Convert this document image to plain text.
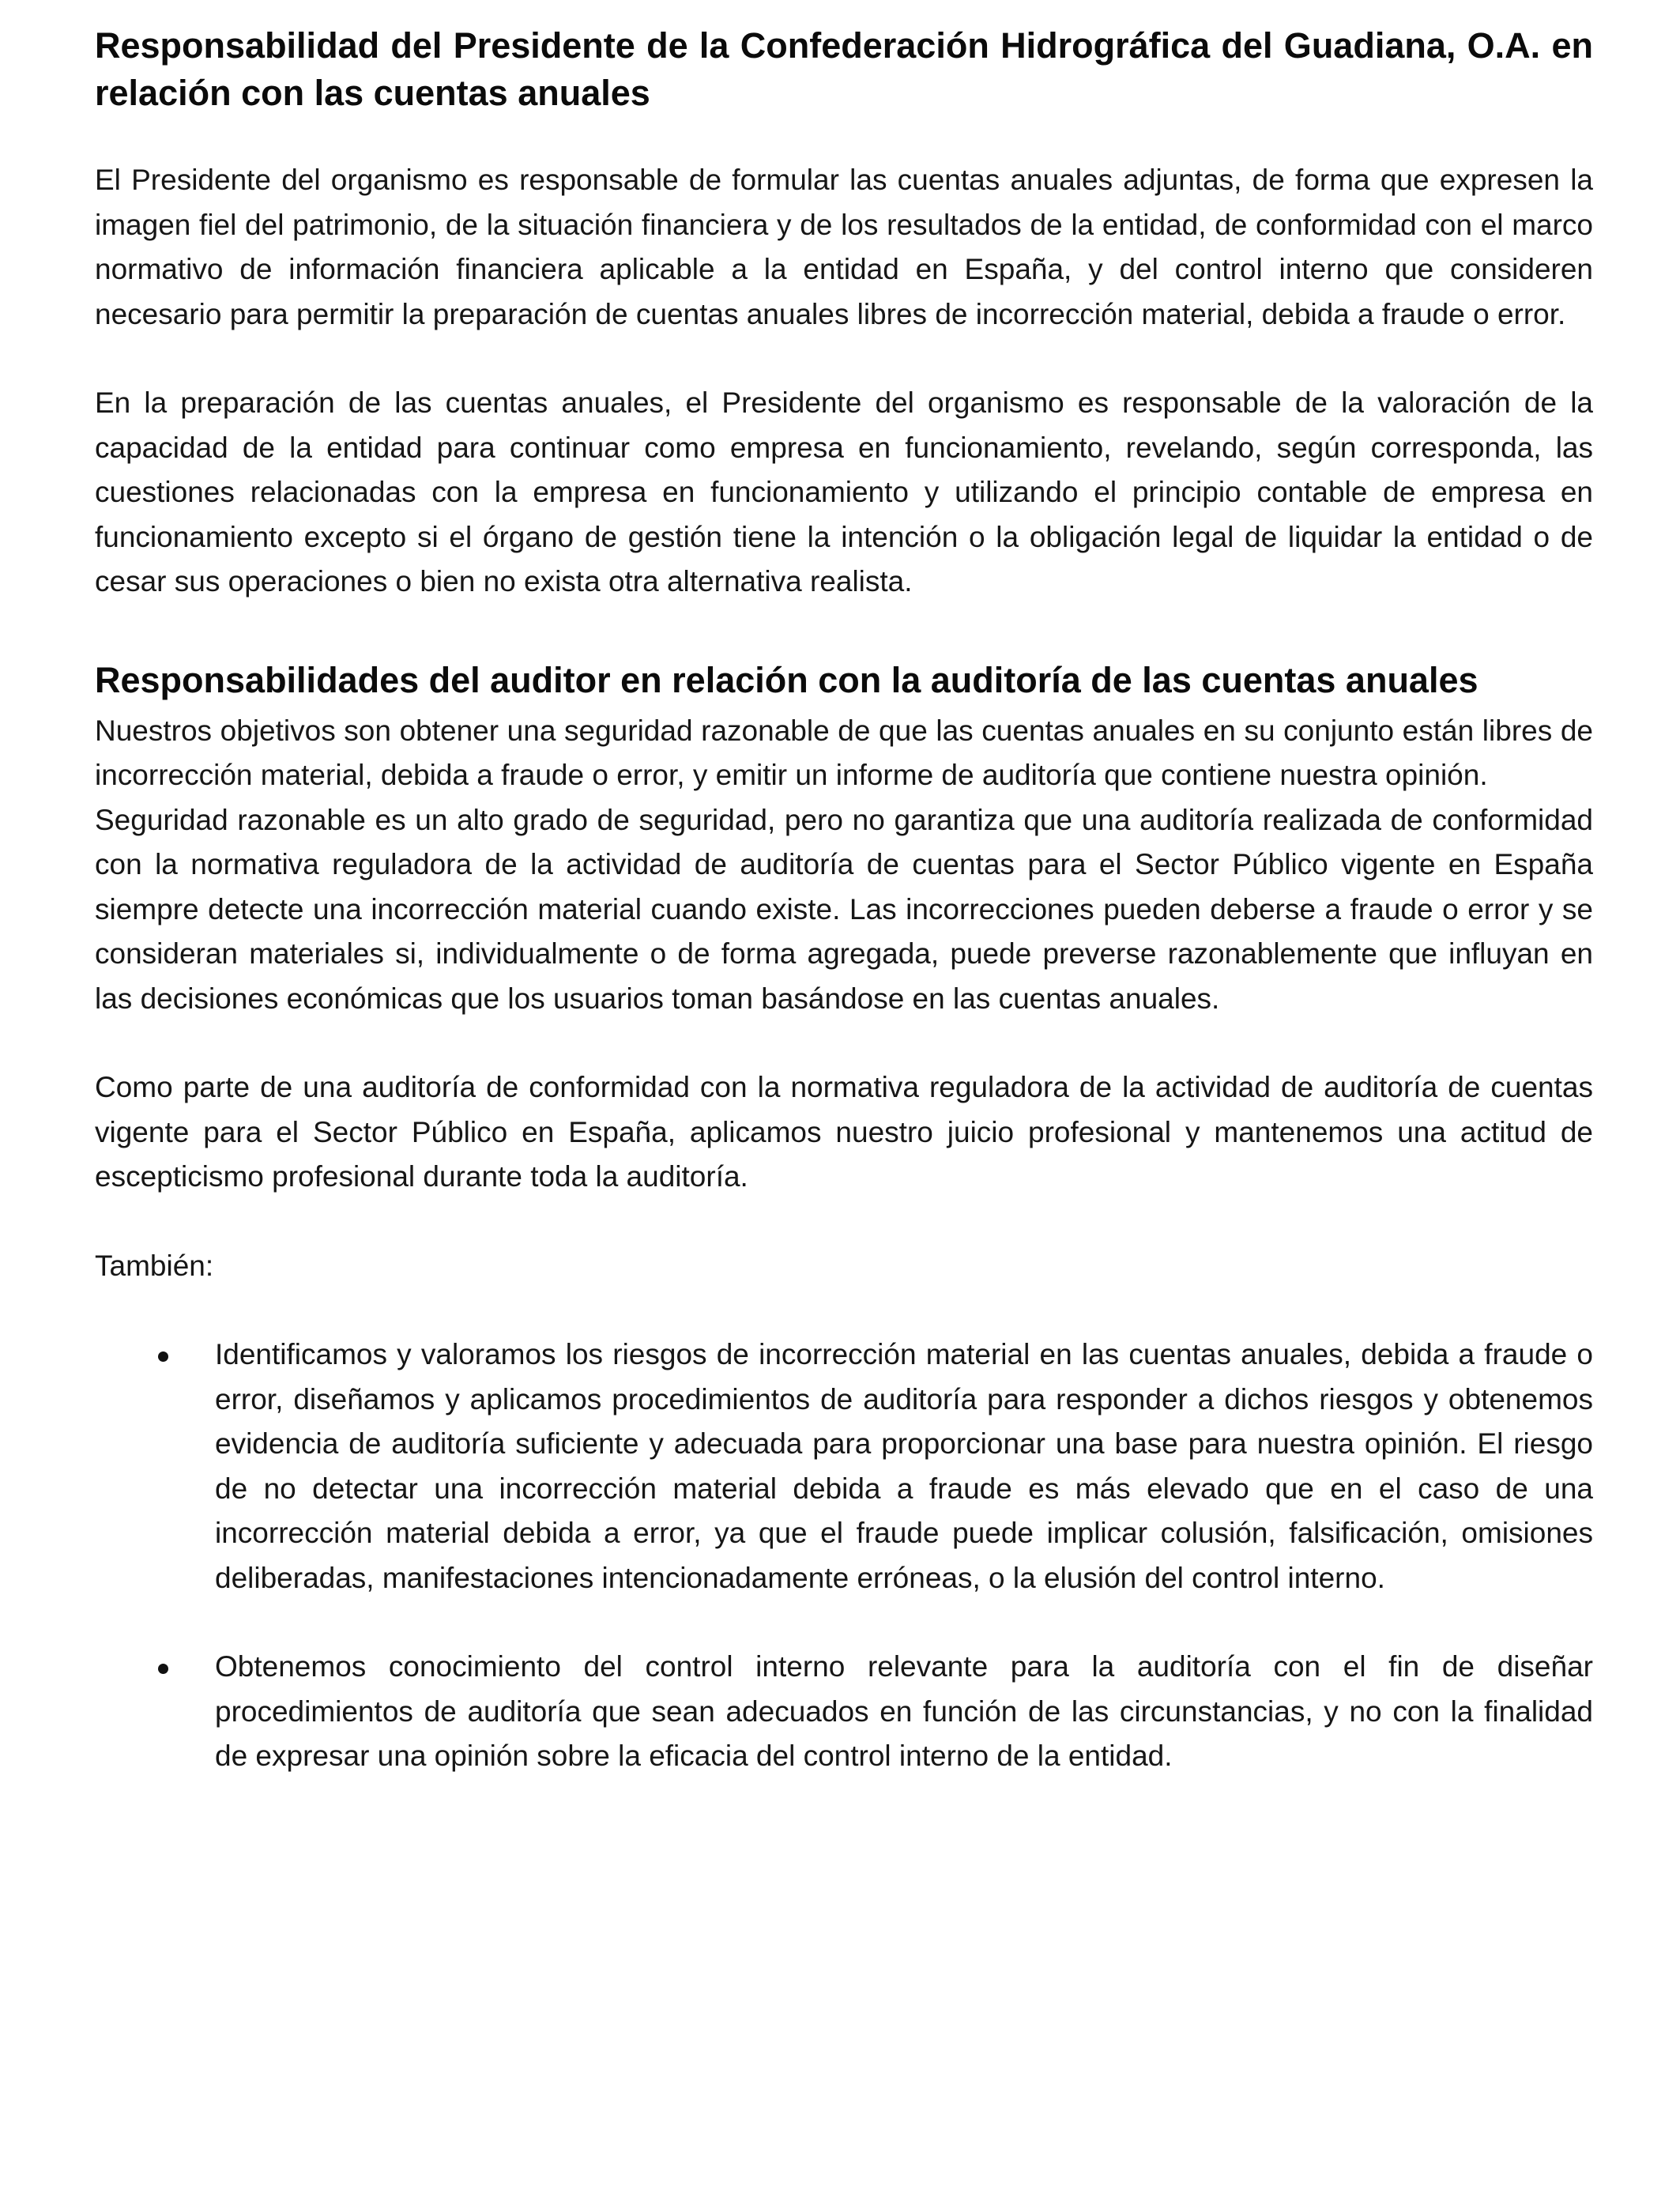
Responsabilidad del Presidente de la Confederación Hidrográfica del Guadiana, O.A. en relación con las cuentas anuales

El Presidente del organismo es responsable de formular las cuentas anuales adjuntas, de forma que expresen la imagen fiel del patrimonio, de la situación financiera y de los resultados de la entidad, de conformidad con el marco normativo de información financiera aplicable a la entidad en España, y del control interno que consideren necesario para permitir la preparación de cuentas anuales libres de incorrección material, debida a fraude o error.

En la preparación de las cuentas anuales, el Presidente del organismo es responsable de la valoración de la capacidad de la entidad para continuar como empresa en funcionamiento, revelando, según corresponda, las cuestiones relacionadas con la empresa en funcionamiento y utilizando el principio contable de empresa en funcionamiento excepto si el órgano de gestión tiene la intención o la obligación legal de liquidar la entidad o de cesar sus operaciones o bien no exista otra alternativa realista.

Responsabilidades del auditor en relación con la auditoría de las cuentas anuales

Nuestros objetivos son obtener una seguridad razonable de que las cuentas anuales en su conjunto están libres de incorrección material, debida a fraude o error, y emitir un informe de auditoría que contiene nuestra opinión.

Seguridad razonable es un alto grado de seguridad, pero no garantiza que una auditoría realizada de conformidad con la normativa reguladora de la actividad de auditoría de cuentas para el Sector Público vigente en España siempre detecte una incorrección material cuando existe. Las incorrecciones pueden deberse a fraude o error y se consideran materiales si, individualmente o de forma agregada, puede preverse razonablemente que influyan en las decisiones económicas que los usuarios toman basándose en las cuentas anuales.

Como parte de una auditoría de conformidad con la normativa reguladora de la actividad de auditoría de cuentas vigente para el Sector Público en España, aplicamos nuestro juicio profesional y mantenemos una actitud de escepticismo profesional durante toda la auditoría.

También:

Identificamos y valoramos los riesgos de incorrección material en las cuentas anuales, debida a fraude o error, diseñamos y aplicamos procedimientos de auditoría para responder a dichos riesgos y obtenemos evidencia de auditoría suficiente y adecuada para proporcionar una base para nuestra opinión. El riesgo de no detectar una incorrección material debida a fraude es más elevado que en el caso de una incorrección material debida a error, ya que el fraude puede implicar colusión, falsificación, omisiones deliberadas, manifestaciones intencionadamente erróneas, o la elusión del control interno.

Obtenemos conocimiento del control interno relevante para la auditoría con el fin de diseñar procedimientos de auditoría que sean adecuados en función de las circunstancias, y no con la finalidad de expresar una opinión sobre la eficacia del control interno de la entidad.
